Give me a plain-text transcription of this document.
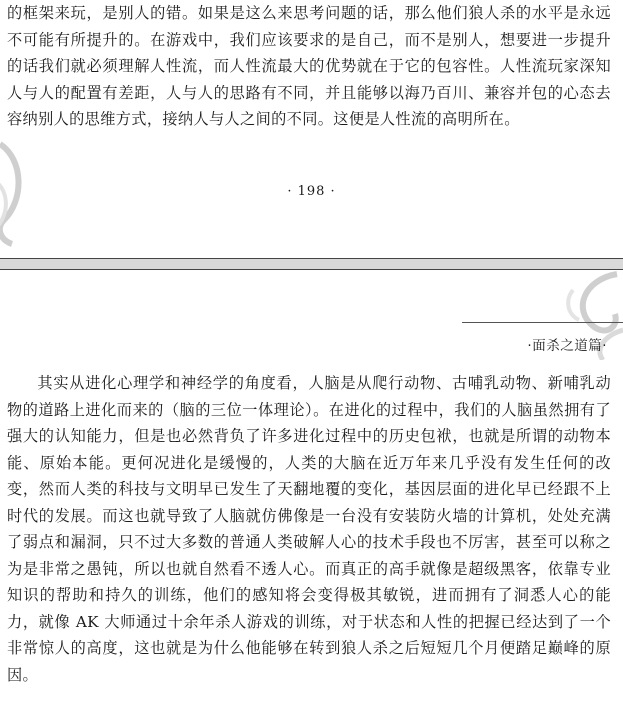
的框架来玩，是别人的错。如果是这么来思考问题的话，那么他们狼人杀的水平是永远不可能有所提升的。在游戏中，我们应该要求的是自己，而不是别人，想要进一步提升的话我们就必须理解人性流，而人性流最大的优势就在于它的包容性。人性流玩家深知人与人的配置有差距，人与人的思路有不同，并且能够以海乃百川、兼容并包的心态去容纳别人的思维方式，接纳人与人之间的不同。这便是人性流的高明所在。

· 198 ·
·面杀之道篇·

其实从进化心理学和神经学的角度看，人脑是从爬行动物、古哺乳动物、新哺乳动物的道路上进化而来的（脑的三位一体理论）。在进化的过程中，我们的人脑虽然拥有了强大的认知能力，但是也必然背负了许多进化过程中的历史包袱，也就是所谓的动物本能、原始本能。更何况进化是缓慢的，人类的大脑在近万年来几乎没有发生任何的改变，然而人类的科技与文明早已发生了天翻地覆的变化，基因层面的进化早已经跟不上时代的发展。而这也就导致了人脑就仿佛像是一台没有安装防火墙的计算机，处处充满了弱点和漏洞，只不过大多数的普通人类破解人心的技术手段也不厉害，甚至可以称之为是非常之愚钝，所以也就自然看不透人心。而真正的高手就像是超级黑客，依靠专业知识的帮助和持久的训练，他们的感知将会变得极其敏锐，进而拥有了洞悉人心的能力，就像 AK 大师通过十余年杀人游戏的训练，对于状态和人性的把握已经达到了一个非常惊人的高度，这也就是为什么他能够在转到狼人杀之后短短几个月便踏足巅峰的原因。
